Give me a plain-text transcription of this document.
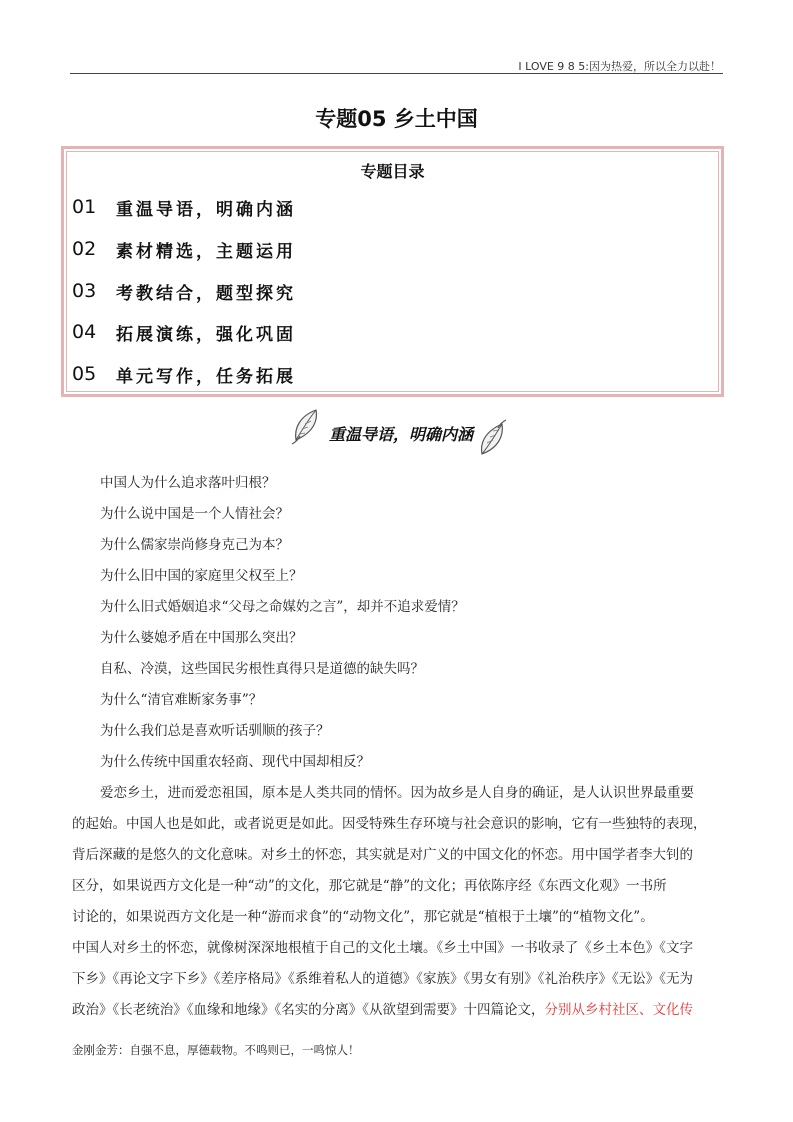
I LOVE 9 8 5:因为热爱，所以全力以赴！
专题05 乡土中国
专题目录
01	重温导语，明确内涵
02	素材精选，主题运用
03	考教结合，题型探究
04	拓展演练，强化巩固
05	单元写作，任务拓展
重温导语，明确内涵
中国人为什么追求落叶归根？
为什么说中国是一个人情社会？
为什么儒家崇尚修身克己为本？
为什么旧中国的家庭里父权至上？
为什么旧式婚姻追求“父母之命媒妁之言”，却并不追求爱情？
为什么婆媳矛盾在中国那么突出？
自私、冷漠，这些国民劣根性真得只是道德的缺失吗？
为什么“清官难断家务事”？
为什么我们总是喜欢听话驯顺的孩子？
为什么传统中国重农轻商、现代中国却相反？
爱恋乡土，进而爱恋祖国，原本是人类共同的情怀。因为故乡是人自身的确证，是人认识世界最重要
的起始。中国人也是如此，或者说更是如此。因受特殊生存环境与社会意识的影响，它有一些独特的表现，
背后深藏的是悠久的文化意味。对乡土的怀恋，其实就是对广义的中国文化的怀恋。用中国学者李大钊的
区分，如果说西方文化是一种“动”的文化，那它就是“静”的文化；再依陈序经《东西文化观》一书所
讨论的，如果说西方文化是一种“游而求食”的“动物文化”，那它就是“植根于土壤”的“植物文化”。
中国人对乡土的怀恋，就像树深深地根植于自己的文化土壤。《乡土中国》一书收录了《乡土本色》《文字
下乡》《再论文字下乡》《差序格局》《系维着私人的道德》《家族》《男女有别》《礼治秩序》《无讼》《无为
政治》《长老统治》《血缘和地缘》《名实的分离》《从欲望到需要》十四篇论文，分别从乡村社区、文化传
金刚金芳：自强不息，厚德载物。不鸣则已，一鸣惊人！
